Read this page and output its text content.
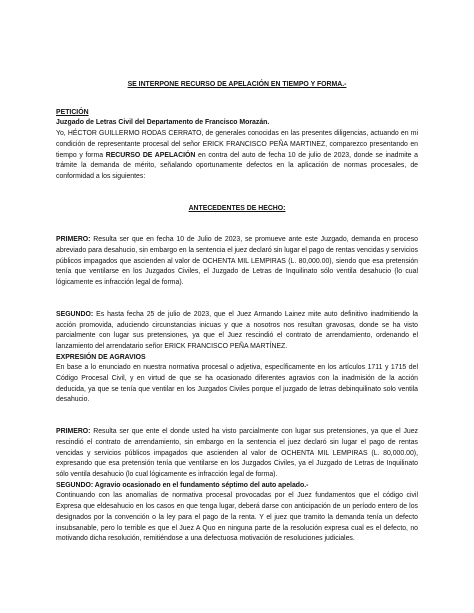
SE INTERPONE RECURSO DE APELACIÓN EN TIEMPO Y FORMA.-
PETICIÓN

Juzgado de Letras Civil del Departamento de Francisco Morazán.

Yo, HÉCTOR GUILLERMO RODAS CERRATO, de generales conocidas en las presentes diligencias, actuando en mi condición de representante procesal del señor ERICK FRANCISCO PEÑA MARTINEZ, comparezco presentando en tiempo y forma RECURSO DE APELACIÓN en contra del auto de fecha 10 de julio de 2023, donde se inadmite a trámite la demanda de mérito, señalando oportunamente defectos en la aplicación de normas procesales, de conformidad a los siguientes:

ANTECEDENTES DE HECHO:

PRIMERO: Resulta ser que en fecha 10 de Julio de 2023, se promueve ante este Juzgado, demanda en proceso abreviado para desahucio, sin embargo en la sentencia el juez declaró sin lugar el pago de rentas vencidas y servicios públicos impagados que ascienden al valor de OCHENTA MIL LEMPIRAS (L. 80,000.00), siendo que esa pretensión tenía que ventilarse en los Juzgados Civiles, el Juzgado de Letras de Inquilinato sólo ventila desahucio (lo cual lógicamente es infracción legal de forma).

SEGUNDO: Es hasta fecha 25 de julio de 2023, que el Juez Armando Lainez mite auto definitivo inadmitiendo la acción promovida, aduciendo circunstancias inicuas y que a nosotros nos resultan gravosas, donde se ha visto parcialmente con lugar sus pretensiones, ya que el Juez rescindió el contrato de arrendamiento, ordenando el lanzamiento del arrendatario señor ERICK FRANCISCO PEÑA MARTÍNEZ.

EXPRESIÓN DE AGRAVIOS

En base a lo enunciado en nuestra normativa procesal o adjetiva, específicamente en los artículos 1711 y 1715 del Código Procesal Civil, y en virtud de que se ha ocasionado diferentes agravios con la inadmisión de la acción deducida, ya que se tenía que ventilar en los Juzgados Civiles porque el juzgado de letras debinquilinato solo ventila desahucio.

PRIMERO: Resulta ser que ente el donde usted ha visto parcialmente con lugar sus pretensiones, ya que el Juez rescindió el contrato de arrendamiento, sin embargo en la sentencia el juez declaró sin lugar el pago de rentas vencidas y servicios públicos impagados que ascienden al valor de OCHENTA MIL LEMPIRAS (L. 80,000.00), expresando que esa pretensión tenía que ventilarse en los Juzgados Civiles, ya el Juzgado de Letras de Inquilinato sólo ventila desahucio (lo cual lógicamente es infracción legal de forma).

SEGUNDO: Agravio ocasionado en el fundamento séptimo del auto apelado.-

Continuando con las anomalías de normativa procesal provocadas por el Juez fundamentos que el código civil Expresa que eldesahucio en los casos en que tenga lugar, deberá darse con anticipación de un período entero de los designados por la convención o la ley para el pago de la renta. Y el juez que tramito la demanda tenía un defecto insubsanable, pero lo terrible es que el Juez A Quo en ninguna parte de la resolución expresa cual es el defecto, no motivando dicha resolución, remitiéndose a una defectuosa motivación de resoluciones judiciales.
